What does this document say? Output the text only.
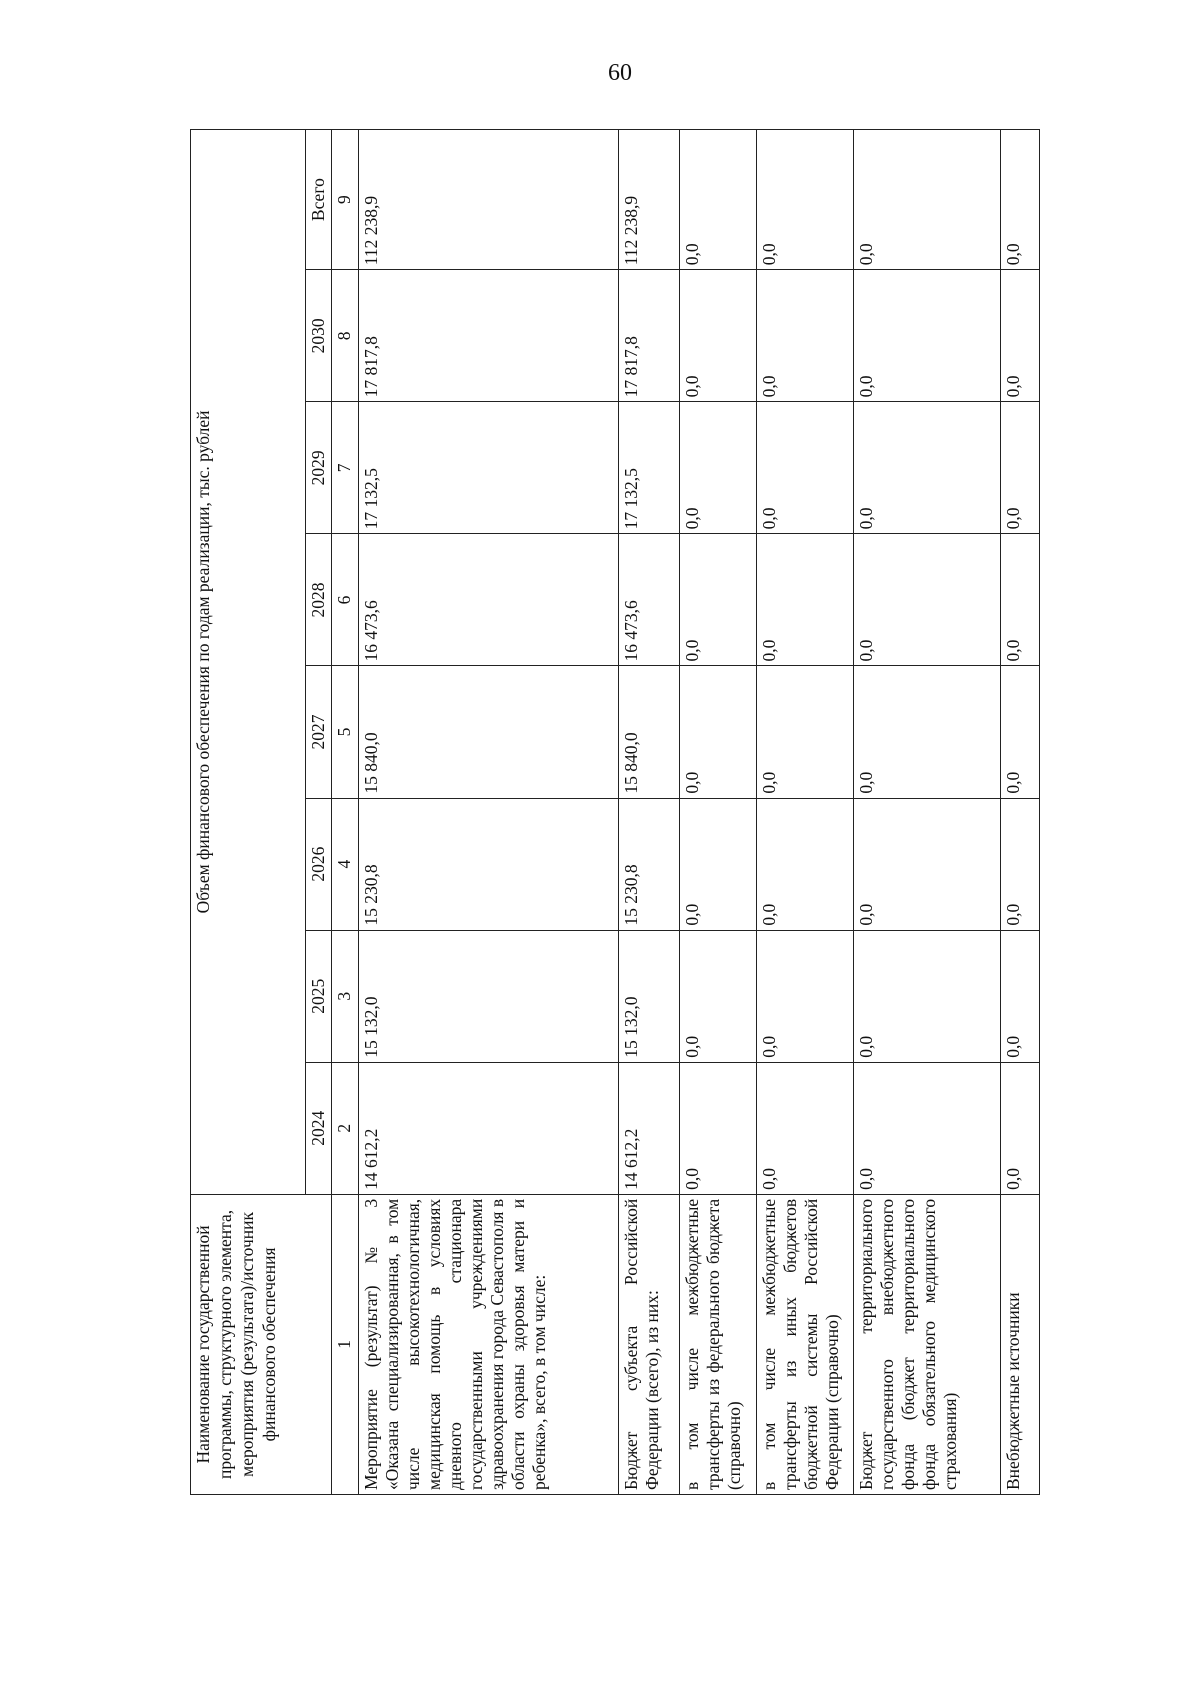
60
Наименование государственной программы, структурного элемента, мероприятия (результата)/источник финансового обеспечения	Объем финансового обеспечения по годам реализации, тыс. рублей							
	2024	2025	2026	2027	2028	2029	2030	Всего
1	2	3	4	5	6	7	8	9
Мероприятие (результат) № 3 «Оказана специализированная, в том числе высокотехнологичная, медицинская помощь в условиях дневного стационара государственными учреждениями здравоохранения города Севастополя в области охраны здоровья матери и ребенка», всего, в том числе:	14 612,2	15 132,0	15 230,8	15 840,0	16 473,6	17 132,5	17 817,8	112 238,9
Бюджет субъекта Российской Федерации (всего), из них:	14 612,2	15 132,0	15 230,8	15 840,0	16 473,6	17 132,5	17 817,8	112 238,9
в том числе межбюджетные трансферты из федерального бюджета (справочно)	0,0	0,0	0,0	0,0	0,0	0,0	0,0	0,0
в том числе межбюджетные трансферты из иных бюджетов бюджетной системы Российской Федерации (справочно)	0,0	0,0	0,0	0,0	0,0	0,0	0,0	0,0
Бюджет территориального государственного внебюджетного фонда (бюджет территориального фонда обязательного медицинского страхования)	0,0	0,0	0,0	0,0	0,0	0,0	0,0	0,0
Внебюджетные источники	0,0	0,0	0,0	0,0	0,0	0,0	0,0	0,0
